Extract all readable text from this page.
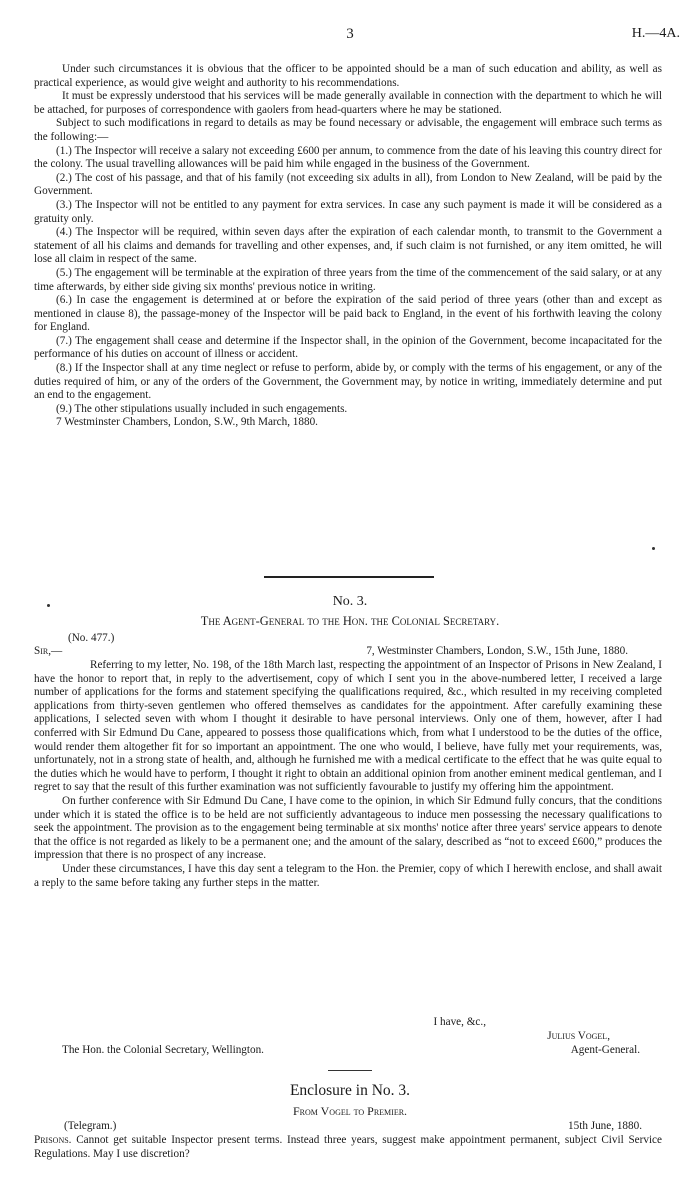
3	H.—4A.

Under such circumstances it is obvious that the officer to be appointed should be a man of such education and ability, as well as practical experience, as would give weight and authority to his recommendations.

It must be expressly understood that his services will be made generally available in connection with the department to which he will be attached, for purposes of correspondence with gaolers from head-quarters where he may be stationed.

Subject to such modifications in regard to details as may be found necessary or advisable, the engagement will embrace such terms as the following:—

(1.) The Inspector will receive a salary not exceeding £600 per annum, to commence from the date of his leaving this country direct for the colony. The usual travelling allowances will be paid him while engaged in the business of the Government.

(2.) The cost of his passage, and that of his family (not exceeding six adults in all), from London to New Zealand, will be paid by the Government.

(3.) The Inspector will not be entitled to any payment for extra services. In case any such payment is made it will be considered as a gratuity only.

(4.) The Inspector will be required, within seven days after the expiration of each calendar month, to transmit to the Government a statement of all his claims and demands for travelling and other expenses, and, if such claim is not furnished, or any item omitted, he will lose all claim in respect of the same.

(5.) The engagement will be terminable at the expiration of three years from the time of the commencement of the said salary, or at any time afterwards, by either side giving six months' previous notice in writing.

(6.) In case the engagement is determined at or before the expiration of the said period of three years (other than and except as mentioned in clause 8), the passage-money of the Inspector will be paid back to England, in the event of his forthwith leaving the colony for England.

(7.) The engagement shall cease and determine if the Inspector shall, in the opinion of the Government, become incapacitated for the performance of his duties on account of illness or accident.

(8.) If the Inspector shall at any time neglect or refuse to perform, abide by, or comply with the terms of his engagement, or any of the duties required of him, or any of the orders of the Government, the Government may, by notice in writing, immediately determine and put an end to the engagement.

(9.) The other stipulations usually included in such engagements.

7 Westminster Chambers, London, S.W., 9th March, 1880.

No. 3.
The Agent-General to the Hon. the Colonial Secretary.
(No. 477.)
Sir,—	7, Westminster Chambers, London, S.W., 15th June, 1880.

Referring to my letter, No. 198, of the 18th March last, respecting the appointment of an Inspector of Prisons in New Zealand, I have the honor to report that, in reply to the advertisement, copy of which I sent you in the above-numbered letter, I received a large number of applications for the forms and statement specifying the qualifications required, &c., which resulted in my receiving completed applications from thirty-seven gentlemen who offered themselves as candidates for the appointment. After carefully examining these applications, I selected seven with whom I thought it desirable to have personal interviews. Only one of them, however, after I had conferred with Sir Edmund Du Cane, appeared to possess those qualifications which, from what I understood to be the duties of the office, would render them altogether fit for so important an appointment. The one who would, I believe, have fully met your requirements, was, unfortunately, not in a strong state of health, and, although he furnished me with a medical certificate to the effect that he was quite equal to the duties which he would have to perform, I thought it right to obtain an additional opinion from another eminent medical gentleman, and I regret to say that the result of this further examination was not sufficiently favourable to justify my offering him the appointment.

On further conference with Sir Edmund Du Cane, I have come to the opinion, in which Sir Edmund fully concurs, that the conditions under which it is stated the office is to be held are not sufficiently advantageous to induce men possessing the necessary qualifications to seek the appointment. The provision as to the engagement being terminable at six months' notice after three years' service appears to denote that the office is not regarded as likely to be a permanent one; and the amount of the salary, described as “not to exceed £600,” produces the impression that there is no prospect of any increase.

Under these circumstances, I have this day sent a telegram to the Hon. the Premier, copy of which I herewith enclose, and shall await a reply to the same before taking any further steps in the matter.

I have, &c.,
Julius Vogel,
The Hon. the Colonial Secretary, Wellington.	Agent-General.
Enclosure in No. 3.
From Vogel to Premier.
(Telegram.)	15th June, 1880.

Prisons. Cannot get suitable Inspector present terms. Instead three years, suggest make appointment permanent, subject Civil Service Regulations. May I use discretion?
